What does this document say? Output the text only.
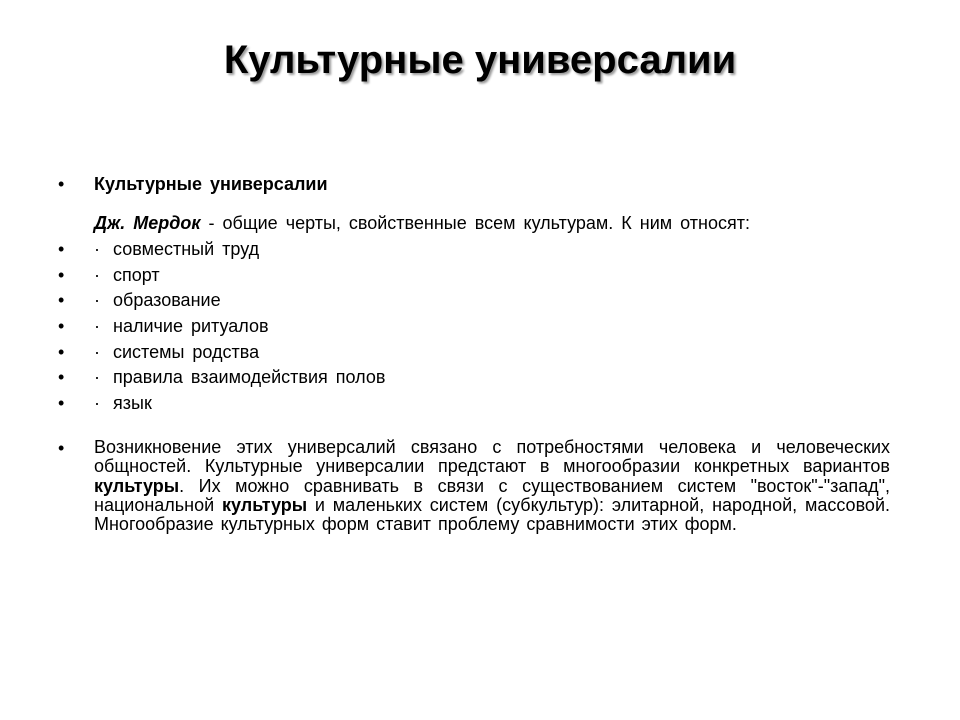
Культурные универсалии
• Культурные универсалии
Дж. Мердок - общие черты, свойственные всем культурам. К ним относят:
• · совместный труд
• · спорт
• · образование
• · наличие ритуалов
• · системы родства
• · правила взаимодействия полов
• · язык
• Возникновение этих универсалий связано с потребностями человека и человеческих общностей. Культурные универсалии предстают в многообразии конкретных вариантов культуры. Их можно сравнивать в связи с существованием систем "восток"-"запад", национальной культуры и маленьких систем (субкультур): элитарной, народной, массовой. Многообразие культурных форм ставит проблему сравнимости этих форм.
